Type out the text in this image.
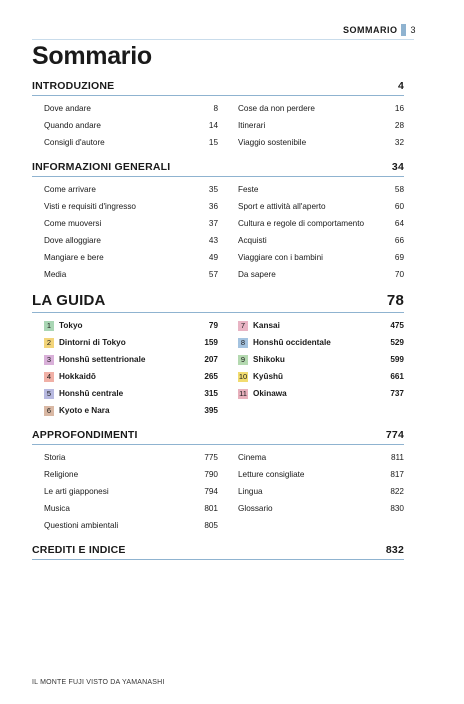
SOMMARIO 3
Sommario
INTRODUZIONE	4
Dove andare	8
Quando andare	14
Consigli d'autore	15
Cose da non perdere	16
Itinerari	28
Viaggio sostenibile	32
INFORMAZIONI GENERALI	34
Come arrivare	35
Visti e requisiti d'ingresso	36
Come muoversi	37
Dove alloggiare	43
Mangiare e bere	49
Media	57
Feste	58
Sport e attività all'aperto	60
Cultura e regole di comportamento	64
Acquisti	66
Viaggiare con i bambini	69
Da sapere	70
LA GUIDA	78
1 Tokyo	79
2 Dintorni di Tokyo	159
3 Honshū settentrionale	207
4 Hokkaidō	265
5 Honshū centrale	315
6 Kyoto e Nara	395
7 Kansai	475
8 Honshū occidentale	529
9 Shikoku	599
10 Kyūshū	661
11 Okinawa	737
APPROFONDIMENTI	774
Storia	775
Religione	790
Le arti giapponesi	794
Musica	801
Questioni ambientali	805
Cinema	811
Letture consigliate	817
Lingua	822
Glossario	830
CREDITI E INDICE	832
IL MONTE FUJI VISTO DA YAMANASHI
